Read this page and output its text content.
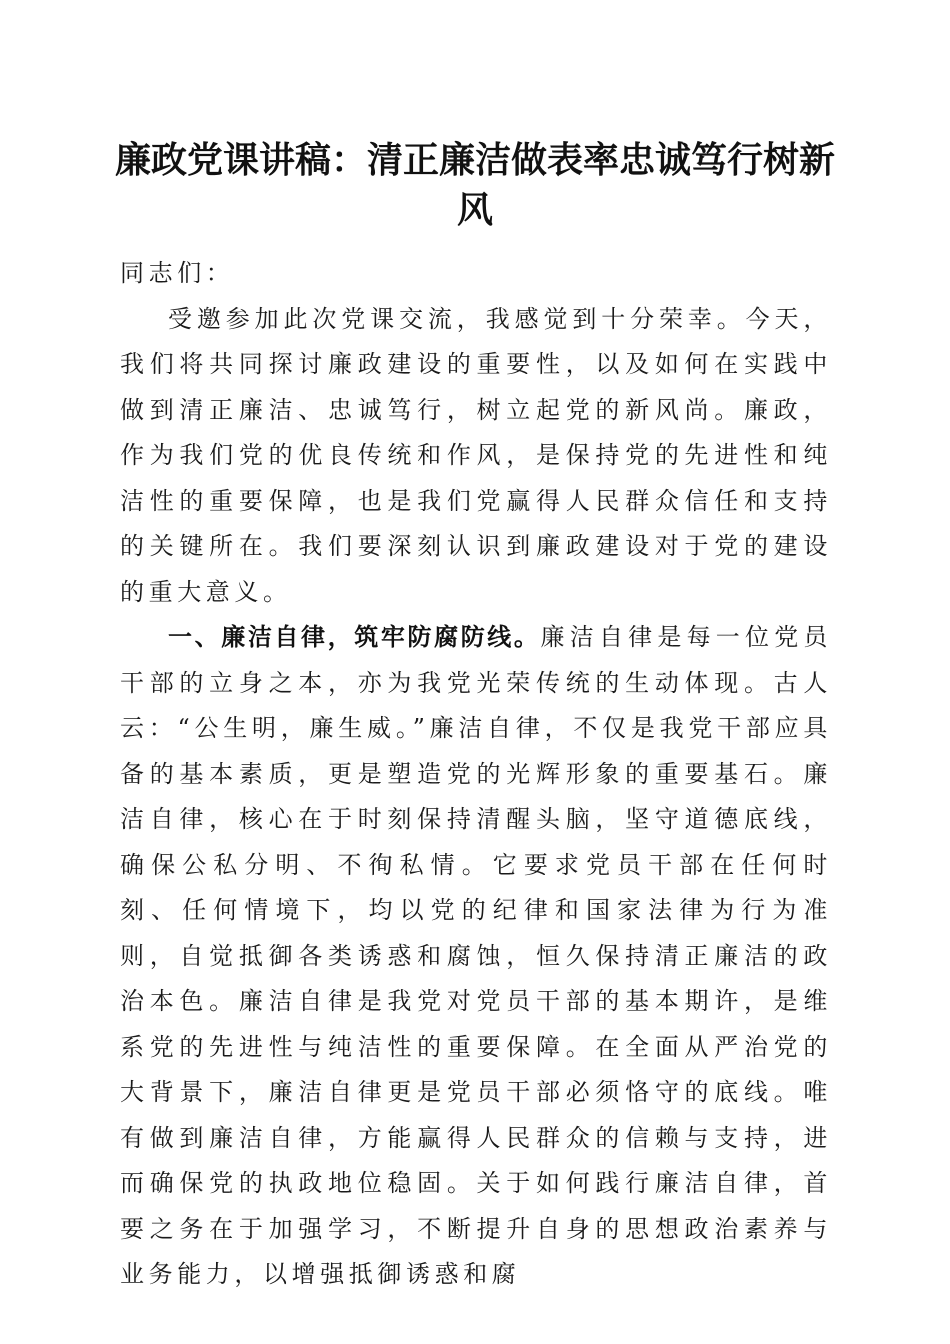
廉政党课讲稿：清正廉洁做表率忠诚笃行树新风

同志们：

受邀参加此次党课交流，我感觉到十分荣幸。今天，我们将共同探讨廉政建设的重要性，以及如何在实践中做到清正廉洁、忠诚笃行，树立起党的新风尚。廉政，作为我们党的优良传统和作风，是保持党的先进性和纯洁性的重要保障，也是我们党赢得人民群众信任和支持的关键所在。我们要深刻认识到廉政建设对于党的建设的重大意义。

一、廉洁自律，筑牢防腐防线。廉洁自律是每一位党员干部的立身之本，亦为我党光荣传统的生动体现。古人云：“公生明，廉生威。”廉洁自律，不仅是我党干部应具备的基本素质，更是塑造党的光辉形象的重要基石。廉洁自律，核心在于时刻保持清醒头脑，坚守道德底线，确保公私分明、不徇私情。它要求党员干部在任何时刻、任何情境下，均以党的纪律和国家法律为行为准则，自觉抵御各类诱惑和腐蚀，恒久保持清正廉洁的政治本色。廉洁自律是我党对党员干部的基本期许，是维系党的先进性与纯洁性的重要保障。在全面从严治党的大背景下，廉洁自律更是党员干部必须恪守的底线。唯有做到廉洁自律，方能赢得人民群众的信赖与支持，进而确保党的执政地位稳固。关于如何践行廉洁自律，首要之务在于加强学习，不断提升自身的思想政治素养与业务能力，以增强抵御诱惑和腐
